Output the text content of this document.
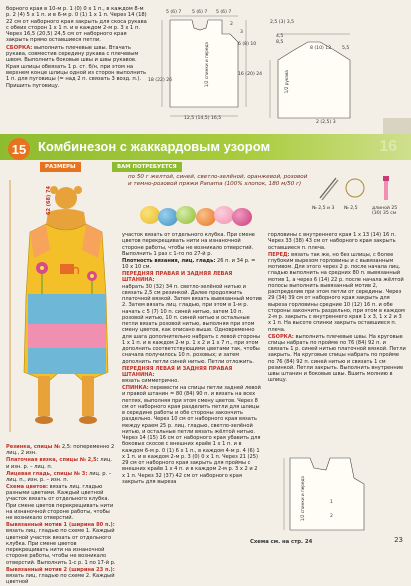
борного края в 10-м р. 1 (0) 0 х 1 п., в каждом 8-м р. 2 (4) 5 х 1 п. и в 6-м р. 0 (1) 1 х 1 п. Через 14 (18) 22 см от наборного края закрыть для скоса рукава с обеих сторон 1 х 1 п. и в каждом 2-м р. 3 х 1 п. Через 16,5 (20,5) 24,5 см от наборного края закрыть прямо оставшиеся петли.

СБОРКА: выполнить плечевые швы. Втачать рукава, совместив середину рукава с плечевым швом. Выполнить боковые швы и швы рукавов. Края шлицы обвязать 1 р. ст. б/н, при этом на верхнем конце шлицы одной из сторон выполнить 1 п. для пуговицы (= над 2 п. связать 3 возд. п.). Пришить пуговицу.

5 (6) 7 5 (6) 7 5 (6) 7
18 (22) 26
12,5 (14,5) 16,5
1/2 спинки и переда	6 (8) 10
16 (20) 24
2
3
8 (10) 12 5,5
2,5 (3) 3,5
4,5
8,5
2 (2,5) 3
1/2 рукава
15 Комбинезон с жаккардовым узором	16
РАЗМЕРЫ	ВАМ ПОТРЕБУЕТСЯ
62 (68) 74
по 50 г желтой, синей, светло-зелёной, оранжевой, розовой и темно-розовой пряжи Panama (100% хлопок, 180 м/50 г)
№ 2,5 и 3 № 2,5	длиной 25 (30) 35 см

Резинка, спицы № 2,5: попеременно 2 лиц., 2 изн.

Платочная вязка, спицы № 2,5: лиц. и изн. р. – лиц. п.

Лицевая гладь, спицы № 3: лиц. р. – лиц. п., изн. р. – изн. п.

Схема цветов: вязать лиц. гладью разными цветами. Каждый цветной участок вязать от отдельного клубка. При смене цветов перекрещивать нити на изнаночной стороне работы, чтобы не возникало отверстий.

Вывязанный мотив 1 (ширина 80 п.): вязать лиц. гладью по схеме 1. Каждый цветной участок вязать от отдельного клубка. При смене цветов перекрещивать нити на изнаночной стороне работы, чтобы не возникало отверстий. Выполнить 1-с р. 1 по 17-й р.

Вывязанный мотив 2 (ширина 23 п.): вязать лиц. гладью по схеме 2. Каждый цветной

участок вязать от отдельного клубка. При смене цветов перекрещивать нити на изнаночной стороне работы, чтобы не возникало отверстий. Выполнить 1 раз с 1-го по 27-й р.

Плотность вязания, лиц. гладь: 26 п. и 34 р. = 10 х 10 см.

ПЕРЕДНЯЯ ПРАВАЯ И ЗАДНЯЯ ЛЕВАЯ ШТАНИНА:
набрать 30 (32) 34 п. светло-зелёной нитью и связать 2,5 см резинкой. Далее продолжить платочной вязкой. Затем вязать вывязанный мотив 2. Затем вязать лиц. гладью, при этом в 1-м р. начать с 5 (7) 10 п. синей нитью, затем 10 п. розовой нитью, 10 п. синей нитью и остальные петли вязать розовой нитью, выполняя при этом смену цветов, как описано выше. Одновременно для шага дополнительно набрать с левой стороны 1 х 1 п. и в каждом 2-м р. 1 х 2 и 1 х 7 п., при этом дополнить соответствующими цветами так, чтобы сначала получилось 10 п. розовых; и затем дополнить петли синей нитью. Петли отложить.

ПЕРЕДНЯЯ ЛЕВАЯ И ЗАДНЯЯ ПРАВАЯ ШТАНИНА:
вязать симметрично.

СПИНКА: перевести на спицы петли задней левой и правой штанин = 80 (84) 90 п. и вязать на всех петлях, выполняя при этом смену цветов. Через 8 см от наборного края разделить петли для шлицы в середине работы и обе стороны закончить раздельно. Через 10 см от наборного края вязать между краем 25 р. лиц. гладью, светло-зелёной нитью, и остальные петли вязать жёлтой нитью. Через 14 (15) 16 см от наборного края убавить для боковых скосов с внешних краёв 1 х 1 п. и в каждом 6-м р. 0 (1) 6 х 1 п., в каждом 4-м р. 4 (6) 1 х 1 п. и в каждом 2-м р. 3 (0) 0 х 1 п. Через 21 (25) 29 см от наборного края закрыть для проймы с внешних краёв 1 х 4 п. и в каждом 2-м р. 3 х 2 и 2 х 1 п. Через 32 (37) 42 см от наборного края закрыть для выреза

горловины с внутреннего края 1 х 13 (14) 16 п. Через 33 (38) 43 см от наборного края закрыть оставшиеся п. плеча.

ПЕРЕД: вязать так же, но без шлицы, с более глубоким вырезом горловины и с вывязанным мотивом. Для этого через 2 р. после начала лиц. гладью выполнить на средних 80 п. вывязанный мотив 1, а через 6 (14) 22 р. после начала жёлтой полосы выполнить вывязанный мотив 2, распределив при этом петли от середины. Через 29 (34) 39 см от наборного края закрыть для выреза горловины средние 10 (12) 16 п. и обе стороны закончить раздельно, при этом в каждом 2-м р. закрыть с внутреннего края 1 х 3, 1 х 2 и 3 х 1 п. На высоте спинки закрыть оставшиеся п. плеча.

СБОРКА: выполнить плечевые швы. На круговые спицы набрать по пройме по 76 (84) 92 п. и связать 1 р. синей нитью платочной вязкой. Петли закрыть. На круговые спицы набрать по пройме по 76 (84) 92 п. синей нитью и связать 1 см резинкой. Петли закрыть. Выполнить внутренние швы штанин и боковые швы. Вшить молнию в шлицу.

1/2 спинки и переда	1
2
Схема см. на стр. 24	23
